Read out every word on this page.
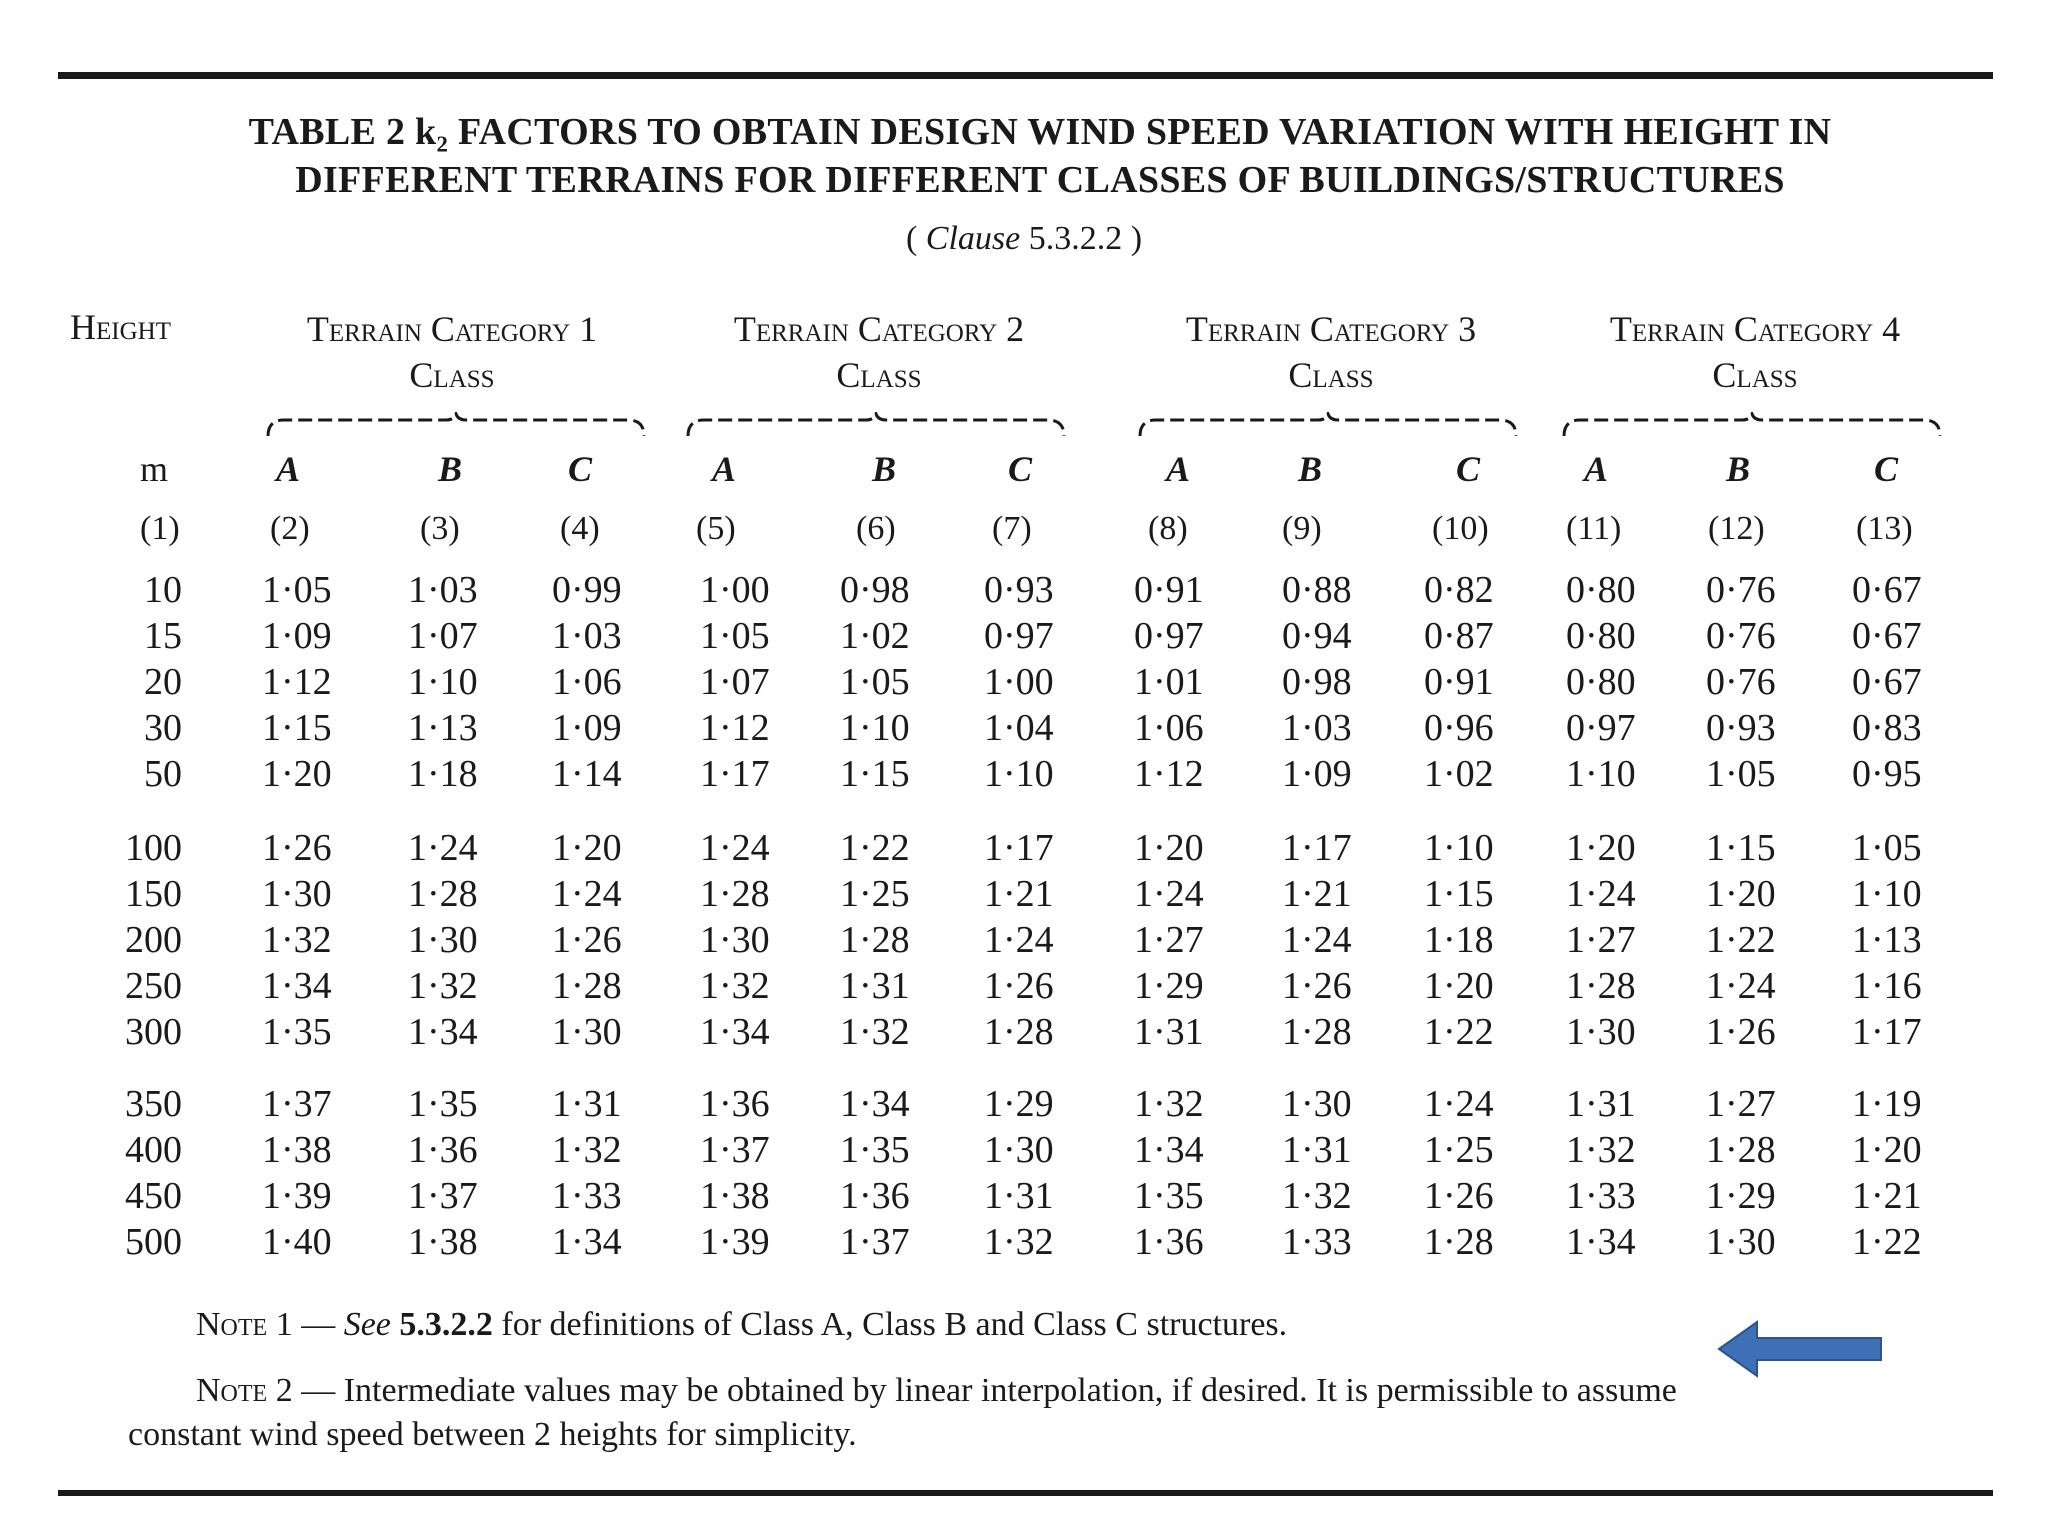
TABLE 2 k₂ FACTORS TO OBTAIN DESIGN WIND SPEED VARIATION WITH HEIGHT IN
DIFFERENT TERRAINS FOR DIFFERENT CLASSES OF BUILDINGS/STRUCTURES
( Clause 5.3.2.2 )
Height	Terrain Category 1
Class
Terrain Category 2
Class
Terrain Category 3
Class
Terrain Category 4
Class
m	A	B	C	A	B	C	A	B	C	A	B	C
(1)	(2)	(3)	(4)	(5)	(6)	(7)	(8)	(9)	(10) (11)	(12)	(13)
10 1·05 1·03 0·99 1·00 0·98 0·93 0·91 0·88 0·82 0·80 0·76 0·67
15 1·09 1·07 1·03 1·05 1·02 0·97 0·97 0·94 0·87 0·80 0·76 0·67
20 1·12 1·10 1·06 1·07 1·05 1·00 1·01 0·98 0·91 0·80 0·76 0·67
30 1·15 1·13 1·09 1·12 1·10 1·04 1·06 1·03 0·96 0·97 0·93 0·83
50 1·20 1·18 1·14 1·17 1·15 1·10 1·12 1·09 1·02 1·10 1·05 0·95
100 1·26 1·24 1·20 1·24 1·22 1·17 1·20 1·17 1·10 1·20 1·15 1·05
150 1·30 1·28 1·24 1·28 1·25 1·21 1·24 1·21 1·15 1·24 1·20 1·10
200 1·32 1·30 1·26 1·30 1·28 1·24 1·27 1·24 1·18 1·27 1·22 1·13
250 1·34 1·32 1·28 1·32 1·31 1·26 1·29 1·26 1·20 1·28 1·24 1·16
300 1·35 1·34 1·30 1·34 1·32 1·28 1·31 1·28 1·22 1·30 1·26 1·17
350 1·37 1·35 1·31 1·36 1·34 1·29 1·32 1·30 1·24 1·31 1·27 1·19
400 1·38 1·36 1·32 1·37 1·35 1·30 1·34 1·31 1·25 1·32 1·28 1·20
450 1·39 1·37 1·33 1·38 1·36 1·31 1·35 1·32 1·26 1·33 1·29 1·21
500 1·40 1·38 1·34 1·39 1·37 1·32 1·36 1·33 1·28 1·34 1·30 1·22
Note 1 — See 5.3.2.2 for definitions of Class A, Class B and Class C structures.
Note 2 — Intermediate values may be obtained by linear interpolation, if desired. It is permissible to assume
constant wind speed between 2 heights for simplicity.
